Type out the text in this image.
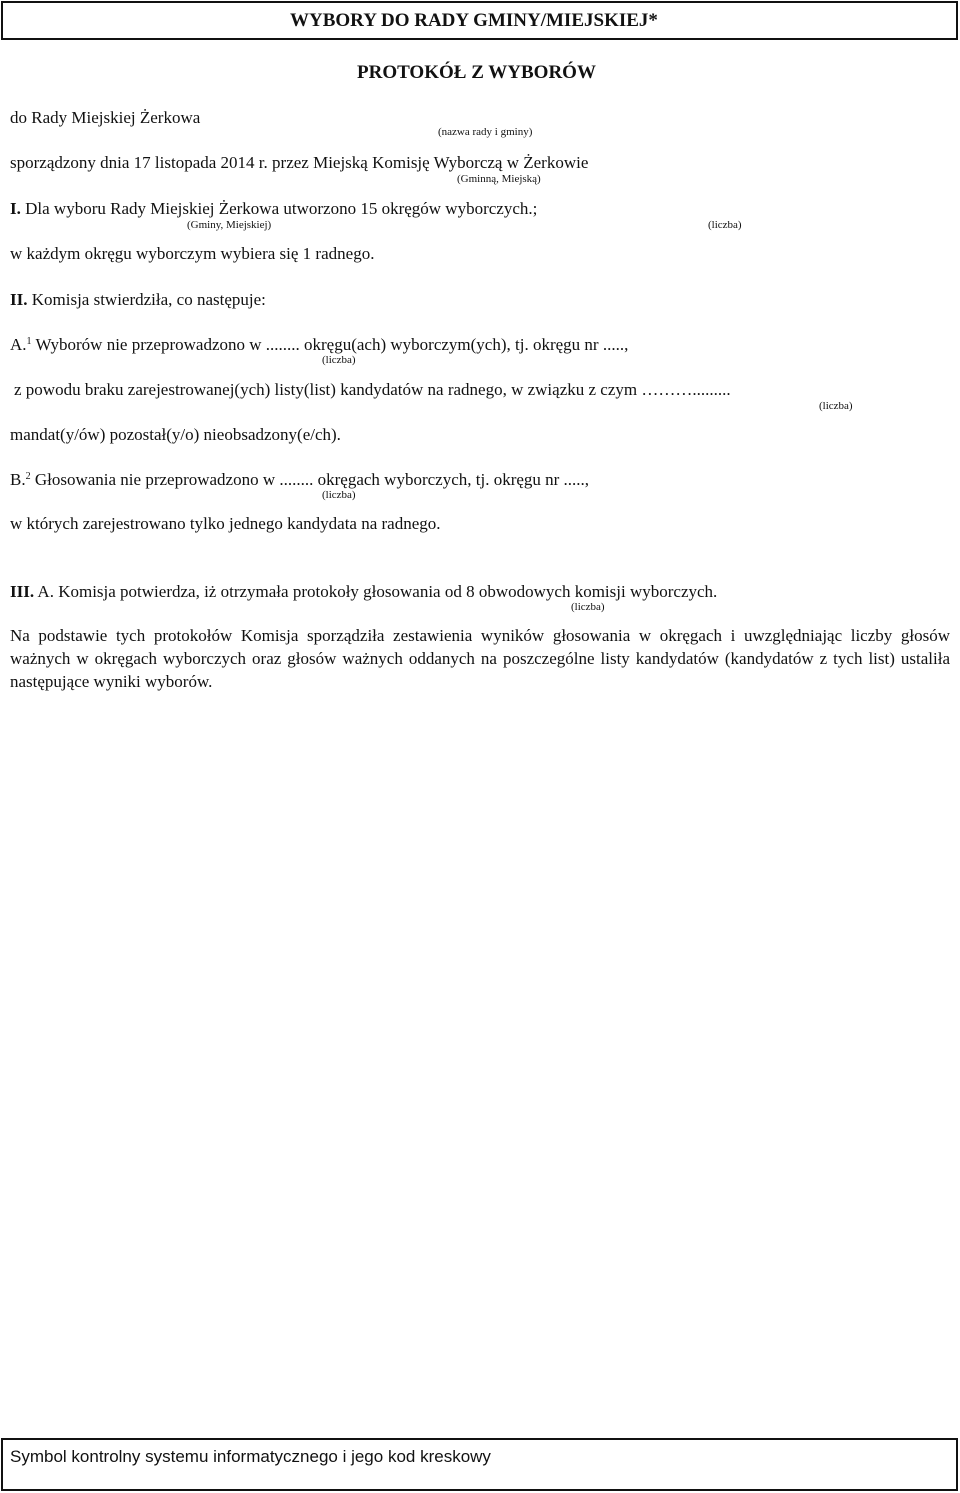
WYBORY DO RADY GMINY/MIEJSKIEJ*
PROTOKÓŁ Z WYBORÓW
do Rady Miejskiej Żerkowa
(nazwa rady i gminy)
sporządzony dnia 17 listopada 2014 r. przez Miejską Komisję Wyborczą w Żerkowie
(Gminną, Miejską)
I. Dla wyboru Rady Miejskiej Żerkowa utworzono 15 okręgów wyborczych.;
(Gminy, Miejskiej)	(liczba)
w każdym okręgu wyborczym wybiera się 1 radnego.
II. Komisja stwierdziła, co następuje:
A.$^1$ Wyborów nie przeprowadzono w ........ okręgu(ach) wyborczym(ych), tj. okręgu nr .....,
(liczba)
z powodu braku zarejestrowanej(ych) listy(list) kandydatów na radnego, w związku z czym ……….........
(liczba)
mandat(y/ów) pozostał(y/o) nieobsadzony(e/ch).
B.$^2$ Głosowania nie przeprowadzono w ........ okręgach wyborczych, tj. okręgu nr .....,
(liczba)
w których zarejestrowano tylko jednego kandydata na radnego.
III. A. Komisja potwierdza, iż otrzymała protokoły głosowania od 8 obwodowych komisji wyborczych.
(liczba)
Na podstawie tych protokołów Komisja sporządziła zestawienia wyników głosowania w okręgach i uwzględniając liczby głosów ważnych w okręgach wyborczych oraz głosów ważnych oddanych na poszczególne listy kandydatów (kandydatów z tych list) ustaliła następujące wyniki wyborów.
Symbol kontrolny systemu informatycznego i jego kod kreskowy
